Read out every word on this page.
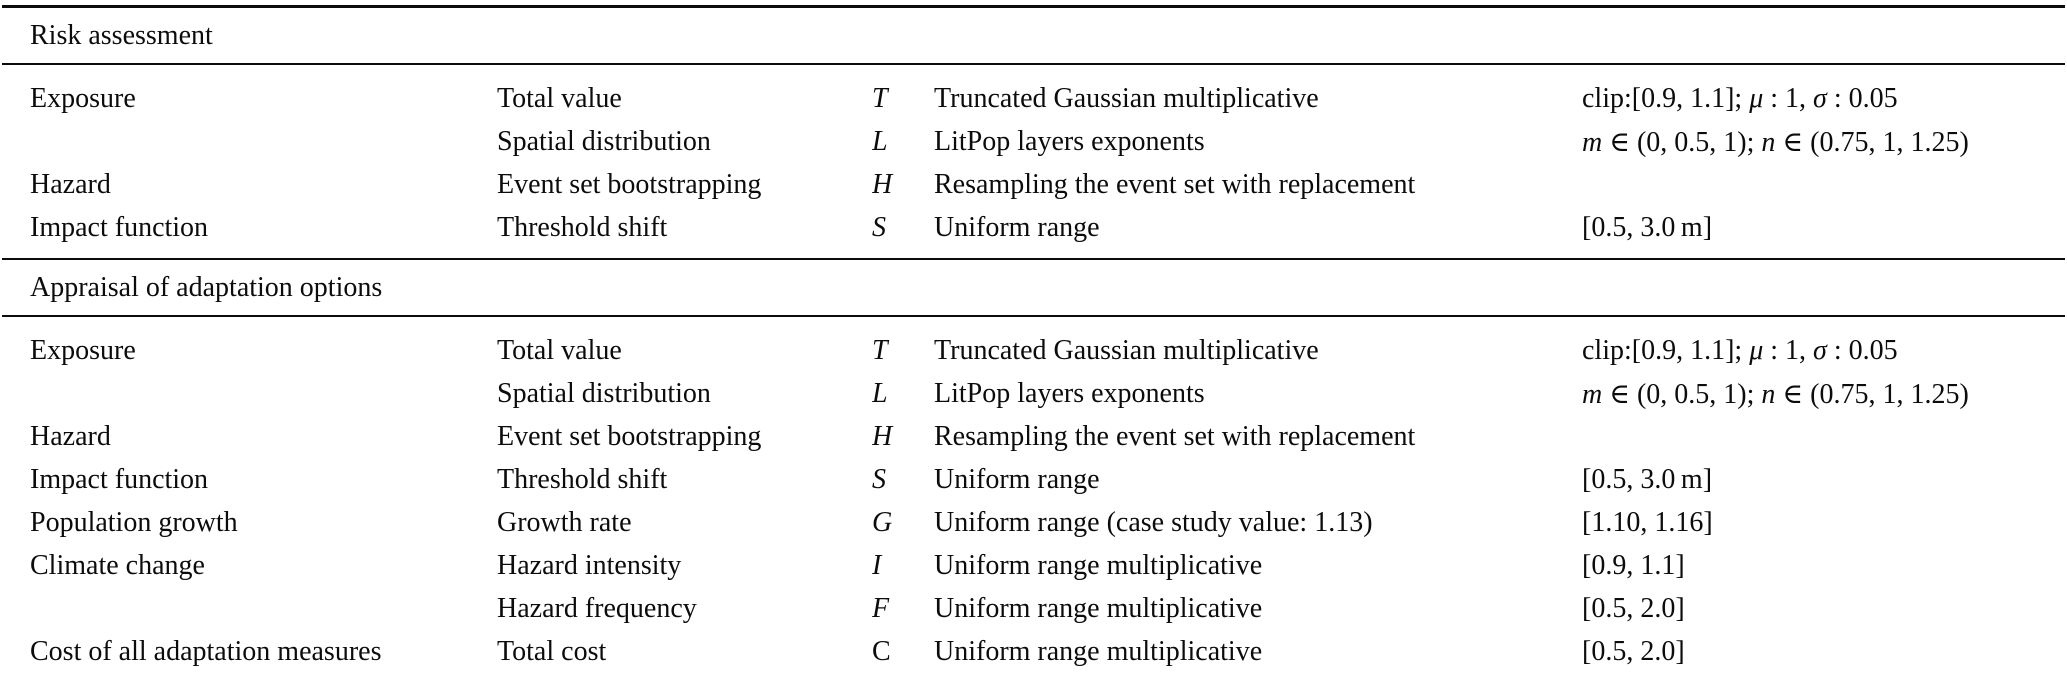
Risk assessment				
Exposure	Total value	T	Truncated Gaussian multiplicative	clip:[0.9, 1.1]; μ : 1, σ : 0.05
	Spatial distribution	L	LitPop layers exponents	m ∈ (0, 0.5, 1); n ∈ (0.75, 1, 1.25)
Hazard	Event set bootstrapping	H	Resampling the event set with replacement	
Impact function	Threshold shift	S	Uniform range	[0.5, 3.0 m]
Appraisal of adaptation options				
Exposure	Total value	T	Truncated Gaussian multiplicative	clip:[0.9, 1.1]; μ : 1, σ : 0.05
	Spatial distribution	L	LitPop layers exponents	m ∈ (0, 0.5, 1); n ∈ (0.75, 1, 1.25)
Hazard	Event set bootstrapping	H	Resampling the event set with replacement	
Impact function	Threshold shift	S	Uniform range	[0.5, 3.0 m]
Population growth	Growth rate	G	Uniform range (case study value: 1.13)	[1.10, 1.16]
Climate change	Hazard intensity	I	Uniform range multiplicative	[0.9, 1.1]
	Hazard frequency	F	Uniform range multiplicative	[0.5, 2.0]
Cost of all adaptation measures	Total cost	C	Uniform range multiplicative	[0.5, 2.0]
